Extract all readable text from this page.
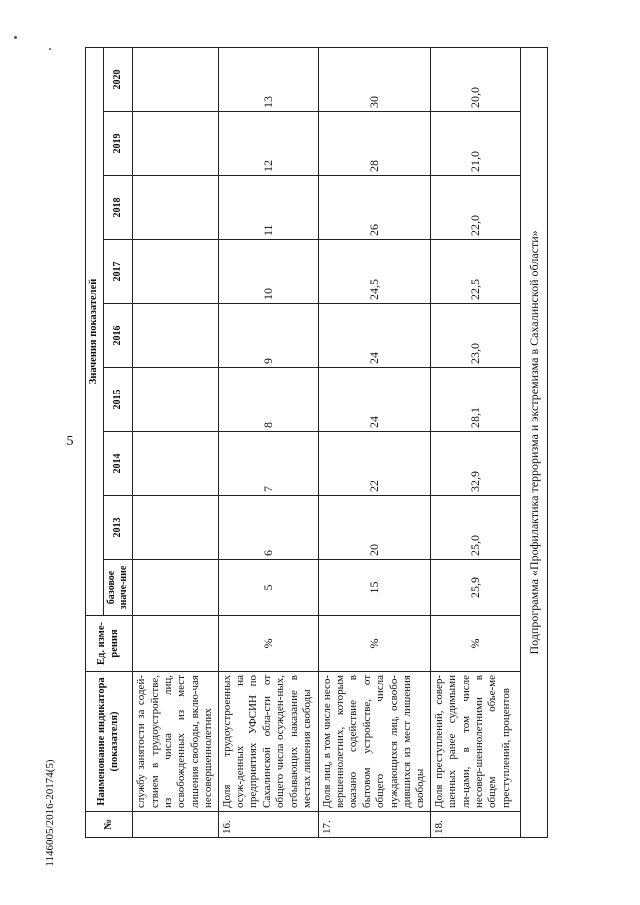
5
1146005/2016-20174(5)	№	Наименование индикатора (показателя)	Ед. изме-рения	Значения показателей								
			базовое значе-ние	2013	2014	2015	2016	2017	2018	2019	2020
	службу занятости за содей-ствием в трудоустройстве, из числа лиц, освобожденных из мест лишения свободы, вклю-чая несовершеннолетних										
16.	Доля трудоустроенных осуж-денных на предприятиях УФСИН по Сахалинской обла-сти от общего числа осужден-ных, отбывающих наказание в местах лишения свободы	%	5	6	7	8	9	10	11	12	13
17.	Доля лиц, в том числе несо-вершеннолетних, которым оказано содействие в бытовом устройстве, от общего числа нуждающихся лиц, освобо-дившихся из мест лишения свободы	%	15	20	22	24	24	24,5	26	28	30
18.	Доля преступлений, совер-шенных ранее судимыми ли-цами, в том числе несовер-шеннолетними в общем объе-ме преступлений, процентов	%	25,9	25,0	32,9	28,1	23,0	22,5	22,0	21,0	20,0
Подпрограмма «Профилактика терроризма и экстремизма в Сахалинской области»											
